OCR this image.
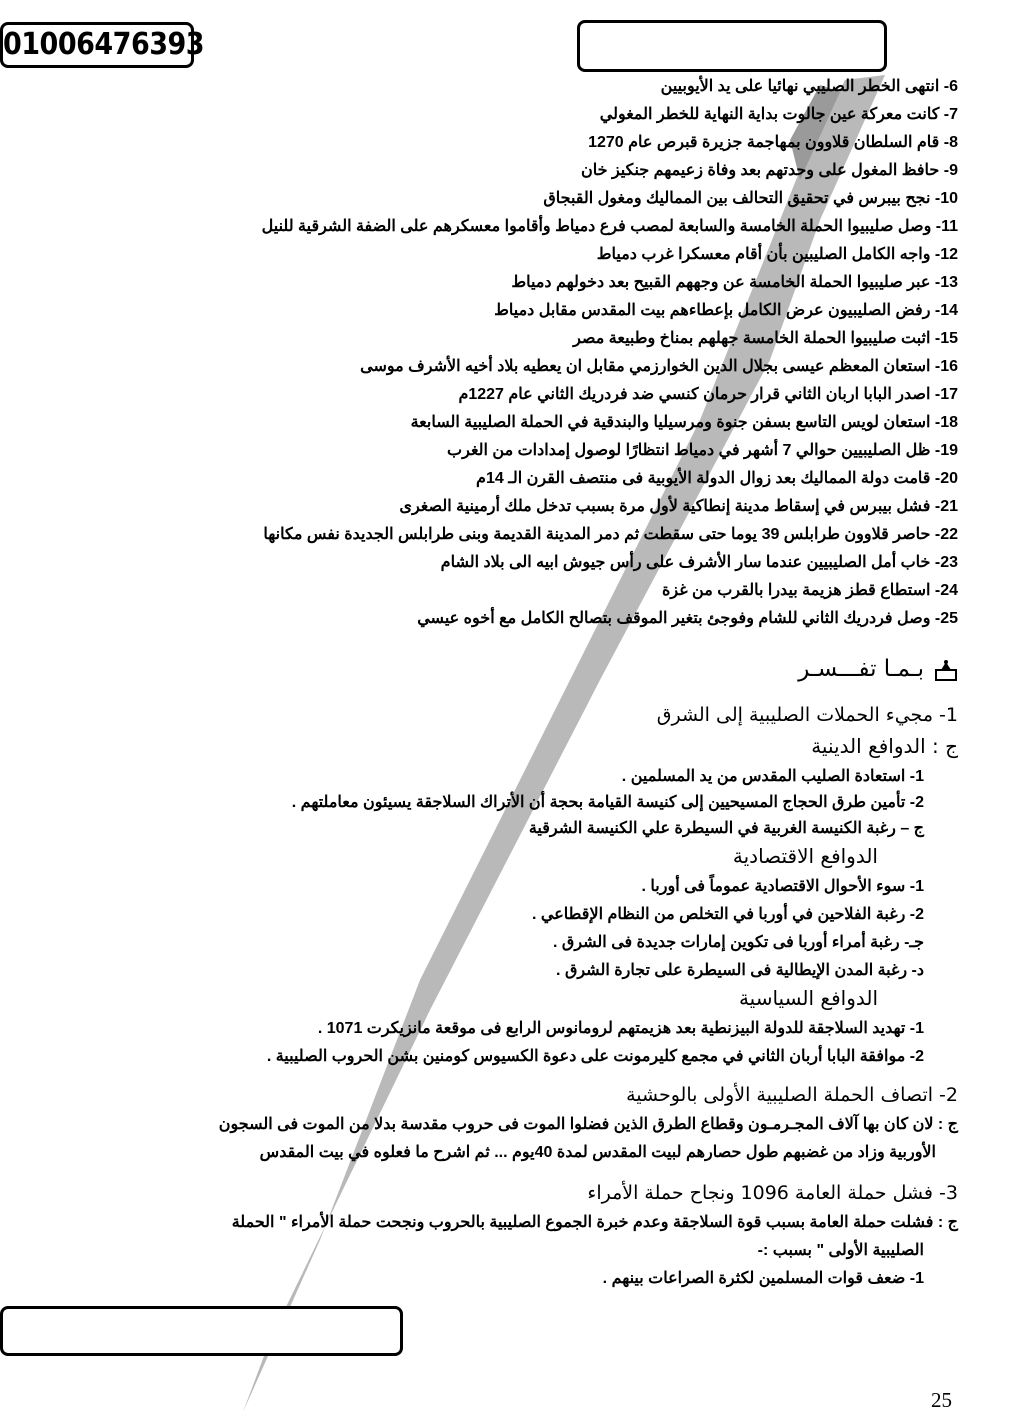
01006476393
25
6- انتهى الخطر الصليبي نهائيا على يد الأيوبيين
7- كانت معركة عين جالوت بداية النهاية للخطر المغولي
8- قام السلطان قلاوون بمهاجمة جزيرة قبرص عام 1270
9- حافظ المغول على وحدتهم بعد وفاة زعيمهم جنكيز خان
10- نجح بيبرس في تحقيق التحالف بين المماليك ومغول القبجاق
11- وصل صليبيوا الحملة الخامسة والسابعة لمصب فرع دمياط وأقاموا معسكرهم على الضفة الشرقية للنيل
12- واجه الكامل الصليبين بأن أقام معسكرا غرب دمياط
13- عبر صليبيوا الحملة الخامسة عن وجههم القبيح بعد دخولهم دمياط
14- رفض الصليبيون عرض الكامل بإعطاءهم بيت المقدس مقابل دمياط
15- اثبت صليبيوا الحملة الخامسة جهلهم بمناخ وطبيعة مصر
16- استعان المعظم عيسى بجلال الدين الخوارزمي مقابل ان يعطيه بلاد أخيه الأشرف موسى
17- اصدر البابا اربان الثاني قرار حرمان كنسي ضد فردريك الثاني عام 1227م
18- استعان لويس التاسع بسفن جنوة ومرسيليا والبندقية في الحملة الصليبية السابعة
19- ظل الصليبيين حوالي 7 أشهر في دمياط انتظارًا لوصول إمدادات من الغرب
20- قامت دولة المماليك بعد زوال الدولة الأيوبية فى منتصف القرن الـ 14م
21- فشل بيبرس في إسقاط مدينة إنطاكية لأول مرة بسبب تدخل ملك أرمينية الصغرى
22- حاصر قلاوون طرابلس 39 يوما حتى سقطت ثم دمر المدينة القديمة وبنى طرابلس الجديدة نفس مكانها
23- خاب أمل الصليبيين عندما سار الأشرف على رأس جيوش ابيه الى بلاد الشام
24- استطاع قطز هزيمة بيدرا بالقرب من غزة
25- وصل فردريك الثاني للشام وفوجئ بتغير الموقف بتصالح الكامل مع أخوه عيسي
بـمـا تفـــسـر
1- مجيء الحملات الصليبية إلى الشرق
ج : الدوافع الدينية
1- استعادة الصليب المقدس من يد المسلمين .
2- تأمين طرق الحجاج المسيحيين إلى كنيسة القيامة بحجة أن الأتراك السلاجقة يسيئون معاملتهم .
ج – رغبة الكنيسة الغربية في السيطرة علي الكنيسة الشرقية
الدوافع الاقتصادية
1- سوء الأحوال الاقتصادية عموماً فى أوربا .
2- رغبة الفلاحين في أوربا في التخلص من النظام الإقطاعي .
جـ- رغبة أمراء أوربا فى تكوين إمارات جديدة فى الشرق .
د- رغبة المدن الإيطالية فى السيطرة على تجارة الشرق .
الدوافع السياسية
1- تهديد السلاجقة للدولة البيزنطية بعد هزيمتهم لرومانوس الرابع فى موقعة مانزيكرت 1071 .
2- موافقة البابا أربان الثاني في مجمع كليرمونت على دعوة الكسيوس كومنين بشن الحروب الصليبية .
2- اتصاف الحملة الصليبية الأولى بالوحشية
ج : لان كان بها آلاف المجـرمـون وقطاع الطرق الذين فضلوا الموت فى حروب مقدسة بدلا من الموت فى السجون
الأوربية وزاد من غضبهم طول حصارهم لبيت المقدس لمدة 40يوم ... ثم اشرح ما فعلوه في بيت المقدس
3- فشل حملة العامة 1096 ونجاح حملة الأمراء
ج : فشلت حملة العامة بسبب قوة السلاجقة وعدم خبرة الجموع الصليبية بالحروب ونجحت حملة الأمراء " الحملة
الصليبية الأولى " بسبب :-
1- ضعف قوات المسلمين لكثرة الصراعات بينهم .
